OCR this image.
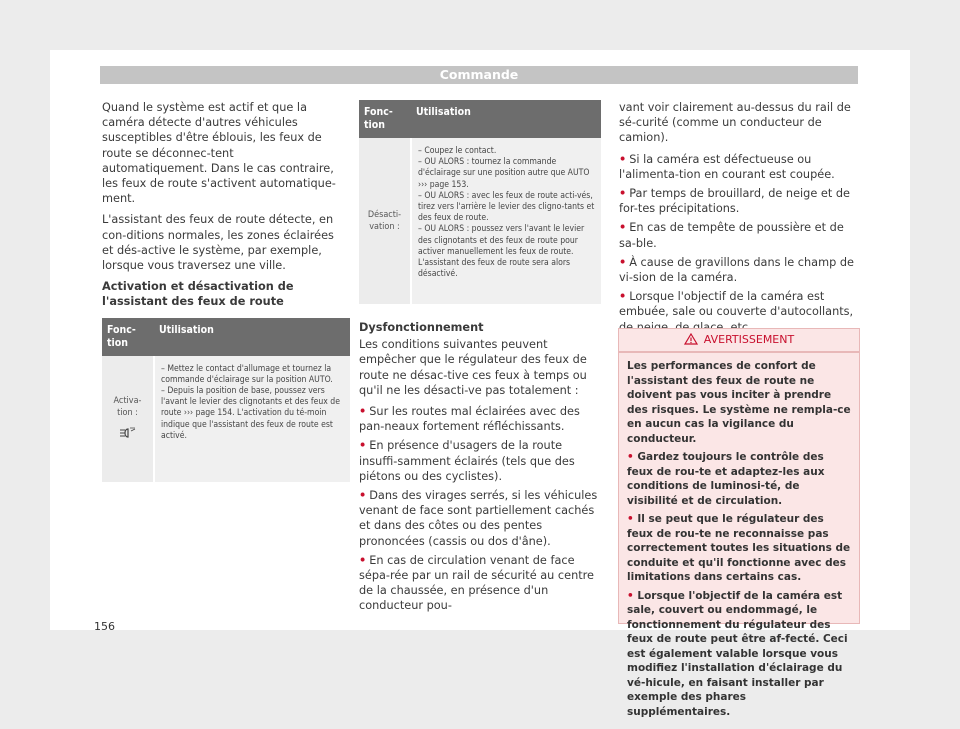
Commande

Quand le système est actif et que la caméra détecte d'autres véhicules susceptibles d'être éblouis, les feux de route se déconnec-tent automatiquement. Dans le cas contraire, les feux de route s'activent automatique-ment.

L'assistant des feux de route détecte, en con-ditions normales, les zones éclairées et dés-active le système, par exemple, lorsque vous traversez une ville.

Activation et désactivation de l'assistant des feux de route

Fonc-tion	Utilisation

Activa-tion :	– Mettez le contact d'allumage et tournez la commande d'éclairage sur la position AUTO.
– Depuis la position de base, poussez vers l'avant le levier des clignotants et des feux de route ››› page 154. L'activation du té-moin
indique que l'assistant des feux de route est activé.
Fonc-tion	Utilisation
Désacti-vation :	– Coupez le contact.
– OU ALORS : tournez la commande d'éclairage sur une position autre que AUTO ››› page 153.
– OU ALORS : avec les feux de route acti-vés, tirez vers l'arrière le levier des cligno-tants et des feux de route.
– OU ALORS : poussez vers l'avant le levier des clignotants et des feux de route pour activer manuellement les feux de route. L'assistant des feux de route sera alors désactivé.

Dysfonctionnement

Les conditions suivantes peuvent empêcher que le régulateur des feux de route ne désac-tive ces feux à temps ou qu'il ne les désacti-ve pas totalement :

• Sur les routes mal éclairées avec des pan-neaux fortement réfléchissants.
• En présence d'usagers de la route insuffi-samment éclairés (tels que des piétons ou des cyclistes).
• Dans des virages serrés, si les véhicules venant de face sont partiellement cachés et dans des côtes ou des pentes prononcées (cassis ou dos d'âne).
• En cas de circulation venant de face sépa-rée par un rail de sécurité au centre de la chaussée, en présence d'un conducteur pou-

vant voir clairement au-dessus du rail de sé-curité (comme un conducteur de camion).

• Si la caméra est défectueuse ou l'alimenta-tion en courant est coupée.
• Par temps de brouillard, de neige et de for-tes précipitations.
• En cas de tempête de poussière et de sa-ble.
• À cause de gravillons dans le champ de vi-sion de la caméra.
• Lorsque l'objectif de la caméra est embuée, sale ou couverte d'autocollants,
AVERTISSEMENT

Les performances de confort de l'assistant des feux de route ne doivent pas vous inciter à prendre des risques. Le système ne rempla-ce en aucun cas la vigilance du conducteur.

• Gardez toujours le contrôle des feux de rou-te et adaptez-les aux conditions de luminosi-té, de visibilité et de circulation.

• Il se peut que le régulateur des feux de rou-te ne reconnaisse pas correctement toutes les situations de conduite et qu'il fonctionne avec des limitations dans certains cas.

• Lorsque l'objectif de la caméra est sale, couvert ou endommagé, le fonctionnement du régulateur des feux de route peut être af-fecté. Ceci est également valable lorsque vous modifiez l'installation d'éclairage du vé-hicule, en faisant installer par exemple des phares supplémentaires.

156
